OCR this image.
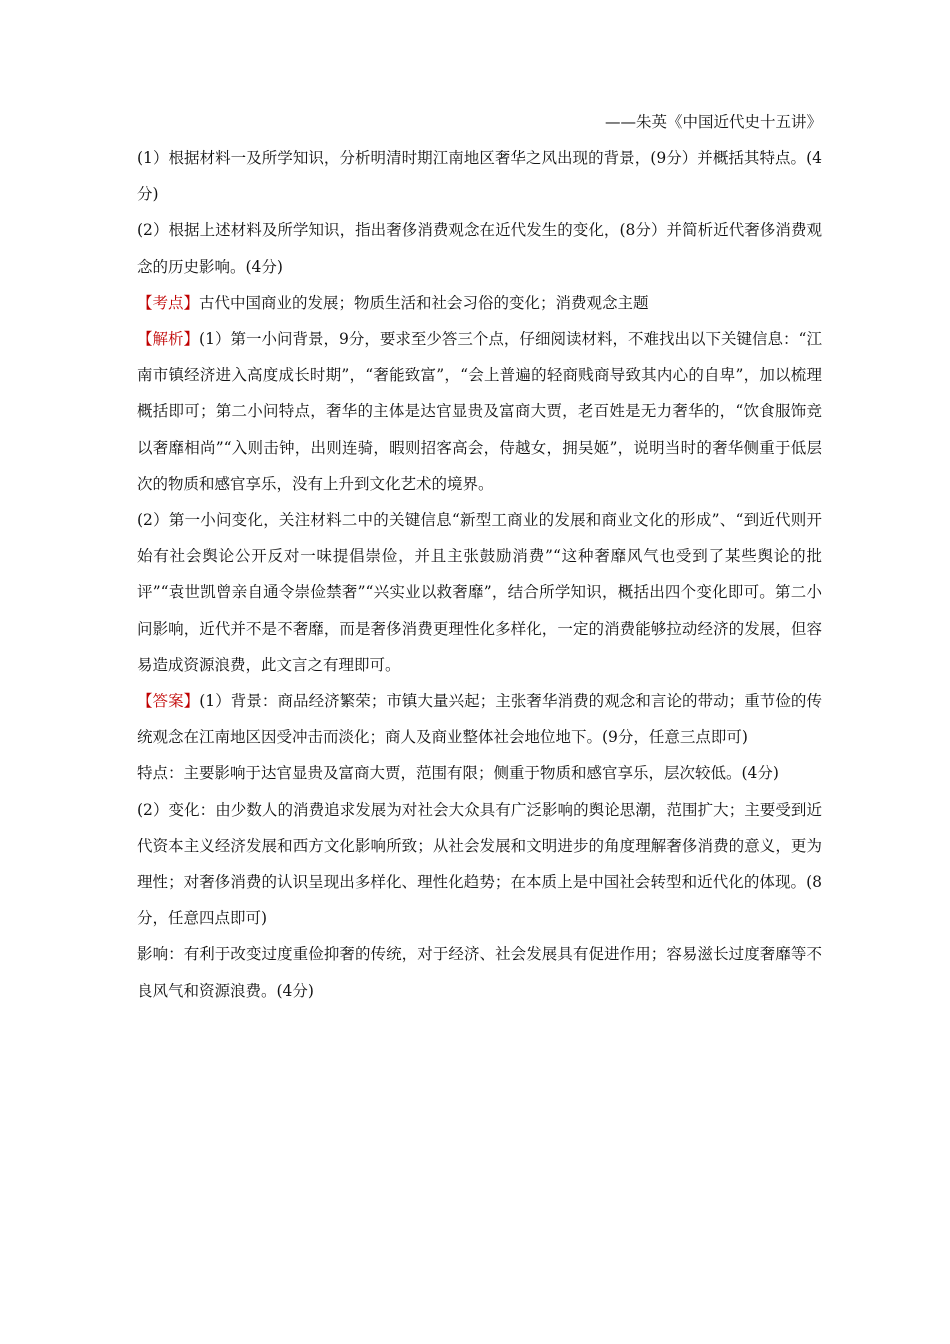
——朱英《中国近代史十五讲》

(1）根据材料一及所学知识，分析明清时期江南地区奢华之风出现的背景，(9分）并概括其特点。(4分)

(2）根据上述材料及所学知识，指出奢侈消费观念在近代发生的变化，(8分）并简析近代奢侈消费观念的历史影响。(4分)

【考点】古代中国商业的发展；物质生活和社会习俗的变化；消费观念主题

【解析】(1）第一小问背景，9分，要求至少答三个点，仔细阅读材料，不难找出以下关键信息：“江南市镇经济进入高度成长时期”，“奢能致富”，“会上普遍的轻商贱商导致其内心的自卑”，加以梳理概括即可；第二小问特点，奢华的主体是达官显贵及富商大贾，老百姓是无力奢华的，“饮食服饰竞以奢靡相尚”“入则击钟，出则连骑，暇则招客高会，侍越女，拥吴姬”，说明当时的奢华侧重于低层次的物质和感官享乐，没有上升到文化艺术的境界。

(2）第一小问变化，关注材料二中的关键信息“新型工商业的发展和商业文化的形成”、“到近代则开始有社会舆论公开反对一味提倡崇俭，并且主张鼓励消费”“这种奢靡风气也受到了某些舆论的批评”“袁世凯曾亲自通令崇俭禁奢”“兴实业以救奢靡”，结合所学知识，概括出四个变化即可。第二小问影响，近代并不是不奢靡，而是奢侈消费更理性化多样化，一定的消费能够拉动经济的发展，但容易造成资源浪费，此文言之有理即可。

【答案】(1）背景：商品经济繁荣；市镇大量兴起；主张奢华消费的观念和言论的带动；重节俭的传统观念在江南地区因受冲击而淡化；商人及商业整体社会地位地下。(9分，任意三点即可)

特点：主要影响于达官显贵及富商大贾，范围有限；侧重于物质和感官享乐，层次较低。(4分)

(2）变化：由少数人的消费追求发展为对社会大众具有广泛影响的舆论思潮，范围扩大；主要受到近代资本主义经济发展和西方文化影响所致；从社会发展和文明进步的角度理解奢侈消费的意义，更为理性；对奢侈消费的认识呈现出多样化、理性化趋势；在本质上是中国社会转型和近代化的体现。(8分，任意四点即可)

影响：有利于改变过度重俭抑奢的传统，对于经济、社会发展具有促进作用；容易滋长过度奢靡等不良风气和资源浪费。(4分)
